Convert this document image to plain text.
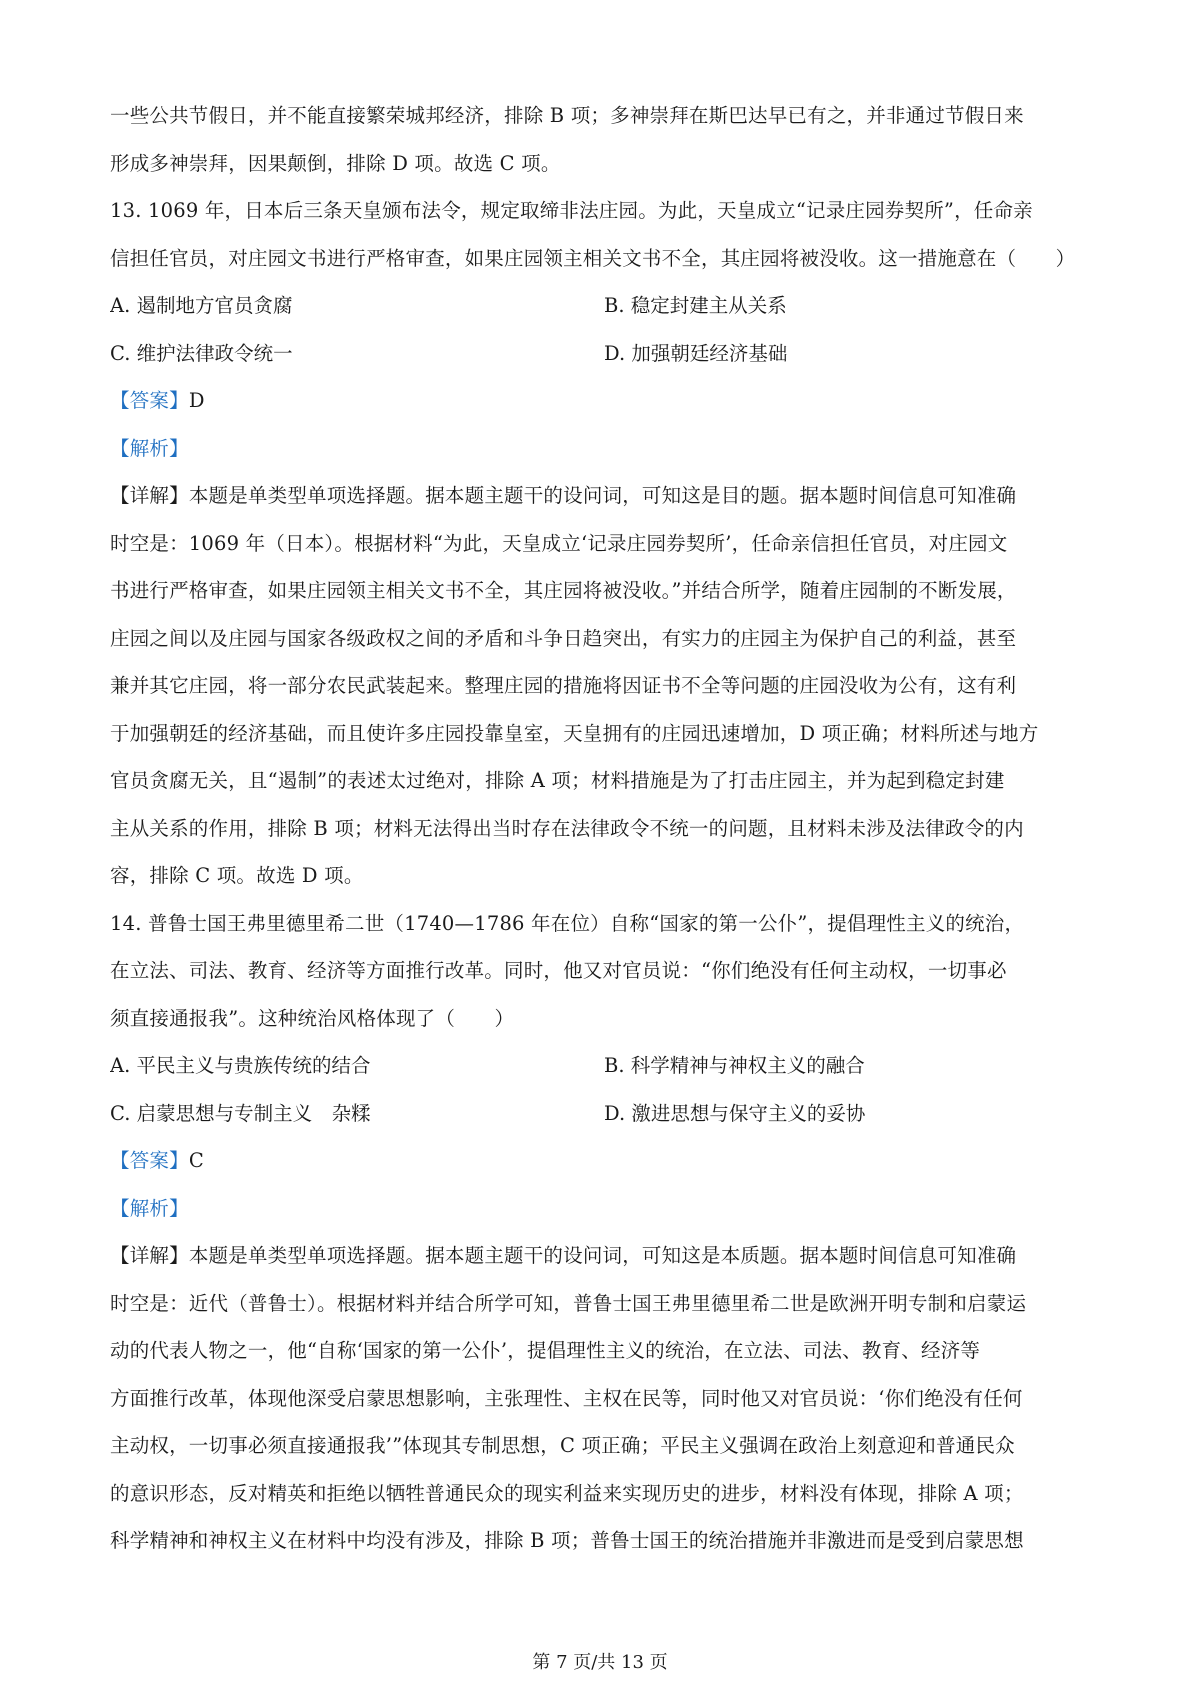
一些公共节假日，并不能直接繁荣城邦经济，排除 B 项；多神崇拜在斯巴达早已有之，并非通过节假日来
形成多神崇拜，因果颠倒，排除 D 项。故选 C 项。
13. 1069 年，日本后三条天皇颁布法令，规定取缔非法庄园。为此，天皇成立“记录庄园券契所”，任命亲
信担任官员，对庄园文书进行严格审查，如果庄园领主相关文书不全，其庄园将被没收。这一措施意在（　　）
A. 遏制地方官员贪腐	B. 稳定封建主从关系
C. 维护法律政令统一	D. 加强朝廷经济基础
【答案】D
【解析】
【详解】本题是单类型单项选择题。据本题主题干的设问词，可知这是目的题。据本题时间信息可知准确
时空是：1069 年（日本）。根据材料“为此，天皇成立‘记录庄园券契所’，任命亲信担任官员，对庄园文
书进行严格审查，如果庄园领主相关文书不全，其庄园将被没收。”并结合所学，随着庄园制的不断发展，
庄园之间以及庄园与国家各级政权之间的矛盾和斗争日趋突出，有实力的庄园主为保护自己的利益，甚至
兼并其它庄园，将一部分农民武装起来。整理庄园的措施将因证书不全等问题的庄园没收为公有，这有利
于加强朝廷的经济基础，而且使许多庄园投靠皇室，天皇拥有的庄园迅速增加，D 项正确；材料所述与地方
官员贪腐无关，且“遏制”的表述太过绝对，排除 A 项；材料措施是为了打击庄园主，并为起到稳定封建
主从关系的作用，排除 B 项；材料无法得出当时存在法律政令不统一的问题，且材料未涉及法律政令的内
容，排除 C 项。故选 D 项。
14. 普鲁士国王弗里德里希二世（1740—1786 年在位）自称“国家的第一公仆”，提倡理性主义的统治，
在立法、司法、教育、经济等方面推行改革。同时，他又对官员说：“你们绝没有任何主动权，一切事必
须直接通报我”。这种统治风格体现了（　　）
A. 平民主义与贵族传统的结合	B. 科学精神与神权主义的融合
C. 启蒙思想与专制主义　杂糅	D. 激进思想与保守主义的妥协
【答案】C
【解析】
【详解】本题是单类型单项选择题。据本题主题干的设问词，可知这是本质题。据本题时间信息可知准确
时空是：近代（普鲁士）。根据材料并结合所学可知，普鲁士国王弗里德里希二世是欧洲开明专制和启蒙运
动的代表人物之一，他“自称‘国家的第一公仆’，提倡理性主义的统治，在立法、司法、教育、经济等
方面推行改革，体现他深受启蒙思想影响，主张理性、主权在民等，同时他又对官员说：‘你们绝没有任何
主动权，一切事必须直接通报我’”体现其专制思想，C 项正确；平民主义强调在政治上刻意迎和普通民众
的意识形态，反对精英和拒绝以牺牲普通民众的现实利益来实现历史的进步，材料没有体现，排除 A 项；
科学精神和神权主义在材料中均没有涉及，排除 B 项；普鲁士国王的统治措施并非激进而是受到启蒙思想
第 7 页/共 13 页
